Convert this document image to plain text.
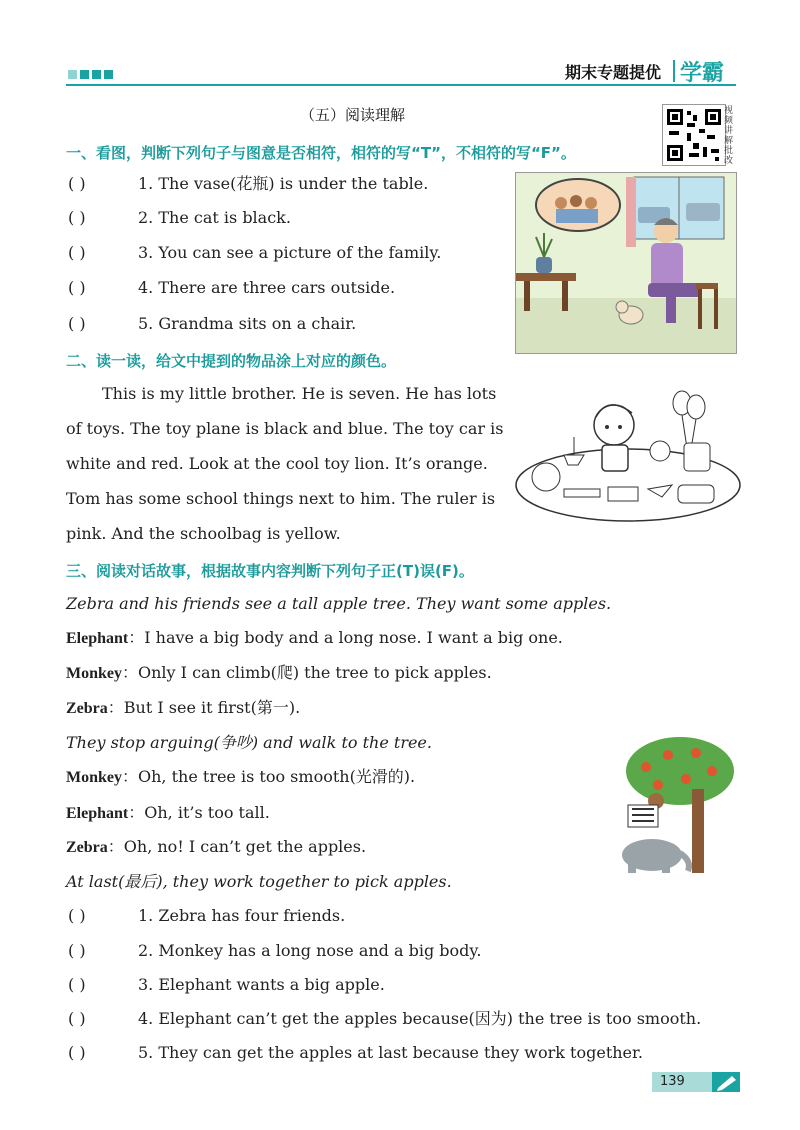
期末专题提优 学霸
（五）阅读理解	视频讲解批改
一、看图，判断下列句子与图意是否相符，相符的写“T”，不相符的写“F”。
( )	1. The vase(花瓶) is under the table.
( )	2. The cat is black.
( )	3. You can see a picture of the family.
( )	4. There are three cars outside.
( )	5. Grandma sits on a chair.
二、读一读，给文中提到的物品涂上对应的颜色。
This is my little brother. He is seven. He has lots
of toys. The toy plane is black and blue. The toy car is
white and red. Look at the cool toy lion. It’s orange.
Tom has some school things next to him. The ruler is
pink. And the schoolbag is yellow.
三、阅读对话故事，根据故事内容判断下列句子正(T)误(F)。
Zebra and his friends see a tall apple tree. They want some apples.
Elephant：I have a big body and a long nose. I want a big one.
Monkey：Only I can climb(爬) the tree to pick apples.
Zebra：But I see it first(第一).
They stop arguing(争吵) and walk to the tree.
Monkey：Oh, the tree is too smooth(光滑的).
Elephant：Oh, it’s too tall.
Zebra：Oh, no! I can’t get the apples.
At last(最后), they work together to pick apples.
( )	1. Zebra has four friends.
( )	2. Monkey has a long nose and a big body.
( )	3. Elephant wants a big apple.
( )	4. Elephant can’t get the apples because(因为) the tree is too smooth.
( )	5. They can get the apples at last because they work together.
139
